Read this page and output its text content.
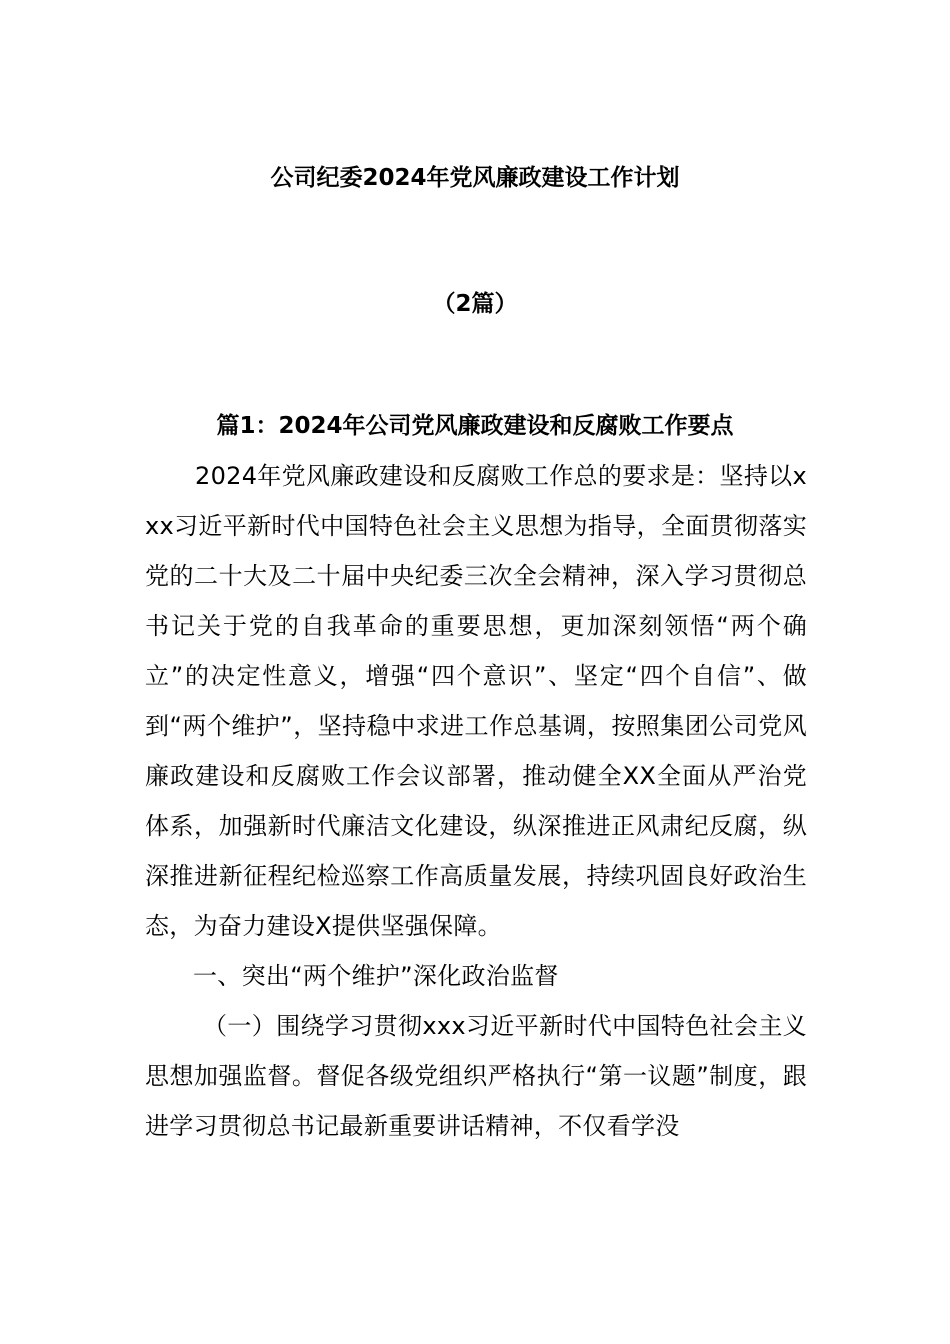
公司纪委2024年党风廉政建设工作计划
（2篇）
篇1：2024年公司党风廉政建设和反腐败工作要点

2024年党风廉政建设和反腐败工作总的要求是：坚持以xxx习近平新时代中国特色社会主义思想为指导，全面贯彻落实党的二十大及二十届中央纪委三次全会精神，深入学习贯彻总书记关于党的自我革命的重要思想，更加深刻领悟“两个确立”的决定性意义，增强“四个意识”、坚定“四个自信”、做到“两个维护”，坚持稳中求进工作总基调，按照集团公司党风廉政建设和反腐败工作会议部署，推动健全XX全面从严治党体系，加强新时代廉洁文化建设，纵深推进正风肃纪反腐，纵深推进新征程纪检巡察工作高质量发展，持续巩固良好政治生态，为奋力建设X提供坚强保障。

一、突出“两个维护”深化政治监督

（一）围绕学习贯彻xxx习近平新时代中国特色社会主义思想加强监督。督促各级党组织严格执行“第一议题”制度，跟进学习贯彻总书记最新重要讲话精神，不仅看学没
